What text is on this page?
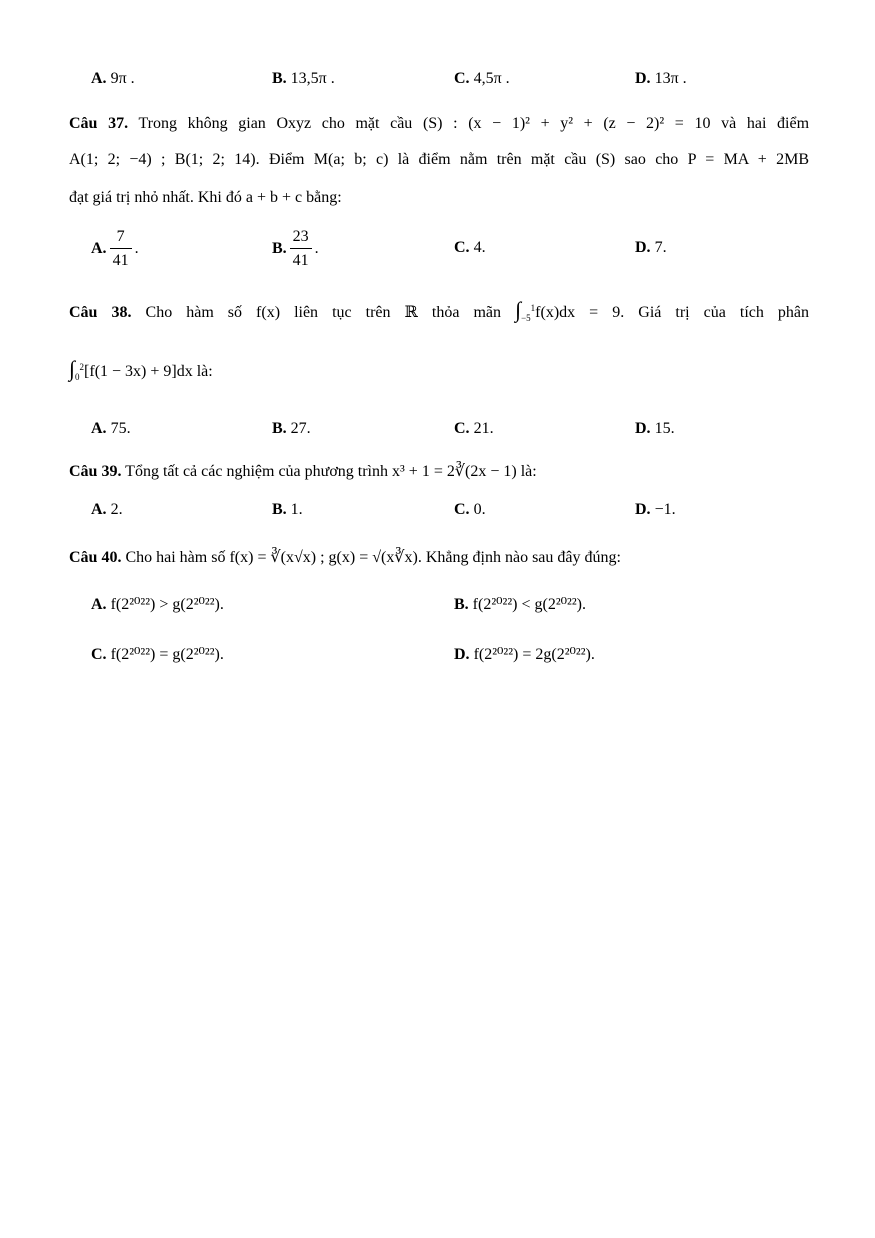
A. 9π .	B. 13,5π .	C. 4,5π .	D. 13π .
Câu 37. Trong không gian Oxyz cho mặt cầu (S) : (x − 1)² + y² + (z − 2)² = 10 và hai điểm
A(1; 2; −4) ; B(1; 2; 14). Điểm M(a; b; c) là điểm nằm trên mặt cầu (S) sao cho P = MA + 2MB
đạt giá trị nhỏ nhất. Khi đó a + b + c bằng:
A. $\frac{7}{41}$ .	B. $\frac{23}{41}$ .	C. 4.	D. 7.
Câu 38. Cho hàm số f(x) liên tục trên ℝ thỏa mãn $\int_{-5}^1f(x)dx = 9$. Giá trị của tích phân
$\int_0^2[f(1 - 3x) + 9]dx$ là:
A. 75.	B. 27.	C. 21.	D. 15.
Câu 39. Tổng tất cả các nghiệm của phương trình x³ + 1 = 2∛(2x − 1) là:
A. 2.	B. 1.	C. 0.	D. −1.
Câu 40. Cho hai hàm số f(x) = ∛(x√x) ; g(x) = √(x∛x). Khẳng định nào sau đây đúng:
A. f(2²⁰²²) > g(2²⁰²²).	B. f(2²⁰²²) < g(2²⁰²²).
C. f(2²⁰²²) = g(2²⁰²²).	D. f(2²⁰²²) = 2g(2²⁰²²).
